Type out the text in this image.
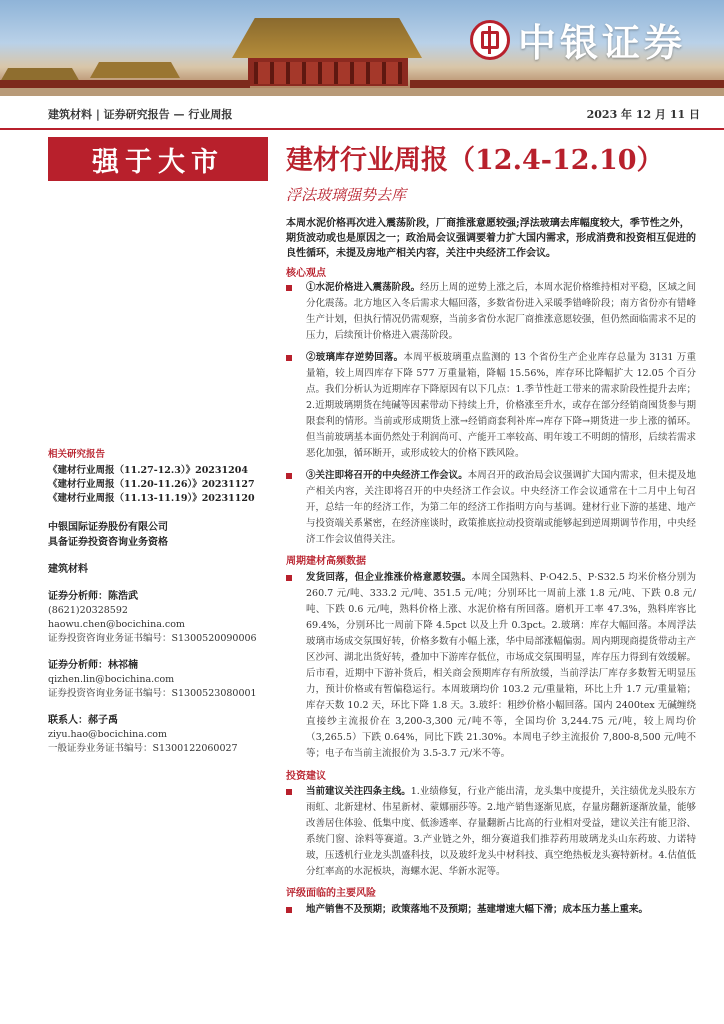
中银证券
建筑材料 | 证券研究报告 — 行业周报	2023 年 12 月 11 日
强于大市	建材行业周报（12.4-12.10）
浮法玻璃强势去库
本周水泥价格再次进入震荡阶段，厂商推涨意愿较强;浮法玻璃去库幅度较大，季节性之外，期货波动或也是原因之一；政治局会议强调要着力扩大国内需求，形成消费和投资相互促进的良性循环，未提及房地产相关内容，关注中央经济工作会议。
核心观点
①水泥价格进入震荡阶段。经历上周的逆势上涨之后，本周水泥价格维持相对平稳，区域之间分化震荡。北方地区入冬后需求大幅回落，多数省份进入采暖季错峰阶段；南方省份亦有错峰生产计划，但执行情况仍需观察，当前多省份水泥厂商推涨意愿较强，但仍然面临需求不足的压力，后续预计价格进入震荡阶段。
②玻璃库存逆势回落。本周平板玻璃重点监测的 13 个省份生产企业库存总量为 3131 万重量箱，较上周四库存下降 577 万重量箱，降幅 15.56%，库存环比降幅扩大 12.05 个百分点。我们分析认为近期库存下降原因有以下几点：1.季节性赶工带来的需求阶段性提升去库；2.近期玻璃期货在纯碱等因素带动下持续上升，价格涨至升水，或存在部分经销商囤货参与期限套利的情形。当前或形成期货上涨→经销商套利补库→库存下降→期货进一步上涨的循环。但当前玻璃基本面仍然处于利润尚可、产能开工率较高、明年竣工不明朗的情形，后续若需求恶化加强，循环断开，或形成较大的价格下跌风险。
③关注即将召开的中央经济工作会议。本周召开的政治局会议强调扩大国内需求，但未提及地产相关内容，关注即将召开的中央经济工作会议。中央经济工作会议通常在十二月中上旬召开，总结一年的经济工作，为第二年的经济工作指明方向与基调。建材行业下游的基建、地产与投资端关系紧密，在经济座谈时，政策推底拉动投资端或能够起到逆周期调节作用，中央经济工作会议值得关注。
周期建材高频数据
发货回落，但企业推涨价格意愿较强。本周全国熟料、P·O42.5、P·S32.5 均米价格分别为 260.7 元/吨、333.2 元/吨、351.5 元/吨；分别环比一周前上涨 1.8 元/吨、下跌 0.8 元/吨、下跌 0.6 元/吨，熟料价格上涨、水泥价格有所回落。磨机开工率 47.3%，熟料库容比 69.4%，分别环比一周前下降 4.5pct 以及上升 0.3pct。2.玻璃：库存大幅回落。本周浮法玻璃市场成交氛围好转，价格多数有小幅上涨，华中局部涨幅偏弱。周内期现商提货带动主产区沙河、湖北出货好转，叠加中下游库存低位，市场成交氛围明显，库存压力得到有效缓解。后市看，近期中下游补货后，相关商会预期库存有所放缓，当前浮法厂库存多数暂无明显压力，预计价格或有暂偏稳运行。本周玻璃均价 103.2 元/重量箱，环比上升 1.7 元/重量箱；库存天数 10.2 天，环比下降 1.8 天。3.玻纤：粗纱价格小幅回落。国内 2400tex 无碱缠绕直接纱主流报价在 3,200-3,300 元/吨不等，全国均价 3,244.75 元/吨，较上周均价（3,265.5）下跌 0.64%，同比下跌 21.30%。本周电子纱主流报价 7,800-8,500 元/吨不等；电子布当前主流报价为 3.5-3.7 元/米不等。
投资建议
当前建议关注四条主线。1.业绩修复，行业产能出清，龙头集中度提升，关注绩优龙头股东方雨虹、北新建材、伟星新材、蒙娜丽莎等。2.地产销售逐渐见底，存量房翻新逐渐放量，能够改善居住体验、低集中度、低渗透率、存量翻新占比高的行业相对受益，建议关注有能卫浴、系统门窗、涂料等赛道。3.产业链之外，细分赛道我们推荐药用玻璃龙头山东药玻、力诺特玻，压透机行业龙头凯盛科技，以及玻纤龙头中材科技、真空绝热板龙头赛特新材。4.估值低分红率高的水泥板块，海螺水泥、华新水泥等。
评级面临的主要风险
地产销售不及预期；政策落地不及预期；基建增速大幅下滑；成本压力基上重来。
相关研究报告
《建材行业周报（11.27-12.3）》20231204
《建材行业周报（11.20-11.26）》20231127
《建材行业周报（11.13-11.19）》20231120
中银国际证券股份有限公司
具备证券投资咨询业务资格
建筑材料
证券分析师：陈浩武
(8621)20328592
haowu.chen@bocichina.com
证券投资咨询业务证书编号：S1300520090006
证券分析师：林祁楠
qizhen.lin@bocichina.com
证券投资咨询业务证书编号：S1300523080001
联系人：郝子禹
ziyu.hao@bocichina.com
一般证券业务证书编号：S1300122060027
